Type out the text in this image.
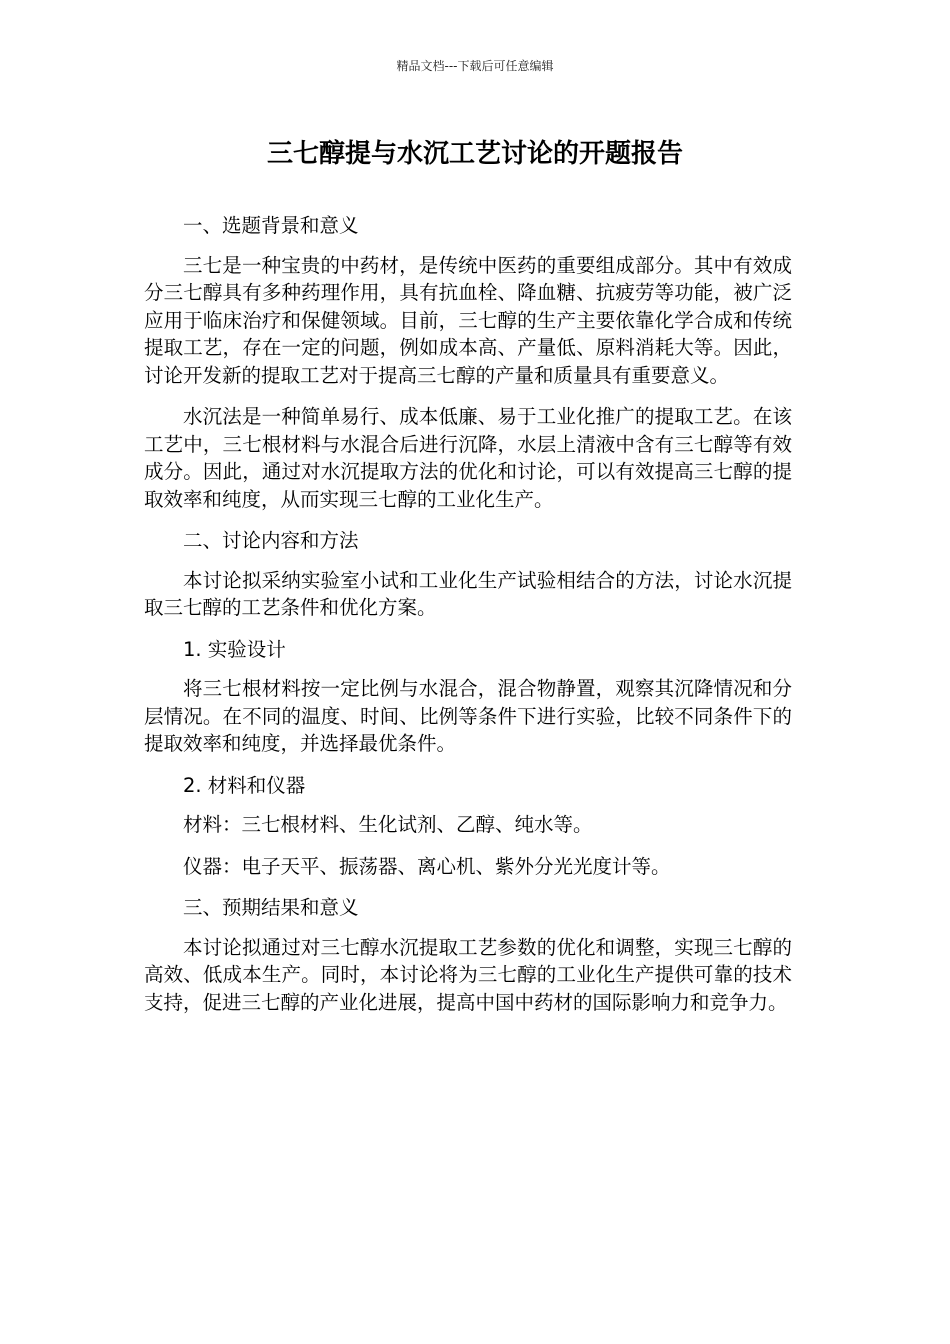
精品文档---下载后可任意编辑
三七醇提与水沉工艺讨论的开题报告

一、选题背景和意义

三七是一种宝贵的中药材，是传统中医药的重要组成部分。其中有效成分三七醇具有多种药理作用，具有抗血栓、降血糖、抗疲劳等功能，被广泛应用于临床治疗和保健领域。目前，三七醇的生产主要依靠化学合成和传统提取工艺，存在一定的问题，例如成本高、产量低、原料消耗大等。因此，讨论开发新的提取工艺对于提高三七醇的产量和质量具有重要意义。

水沉法是一种简单易行、成本低廉、易于工业化推广的提取工艺。在该工艺中，三七根材料与水混合后进行沉降，水层上清液中含有三七醇等有效成分。因此，通过对水沉提取方法的优化和讨论，可以有效提高三七醇的提取效率和纯度，从而实现三七醇的工业化生产。

二、讨论内容和方法

本讨论拟采纳实验室小试和工业化生产试验相结合的方法，讨论水沉提取三七醇的工艺条件和优化方案。

1. 实验设计

将三七根材料按一定比例与水混合，混合物静置，观察其沉降情况和分层情况。在不同的温度、时间、比例等条件下进行实验，比较不同条件下的提取效率和纯度，并选择最优条件。

2. 材料和仪器

材料：三七根材料、生化试剂、乙醇、纯水等。

仪器：电子天平、振荡器、离心机、紫外分光光度计等。

三、预期结果和意义

本讨论拟通过对三七醇水沉提取工艺参数的优化和调整，实现三七醇的高效、低成本生产。同时，本讨论将为三七醇的工业化生产提供可靠的技术支持，促进三七醇的产业化进展，提高中国中药材的国际影响力和竞争力。
